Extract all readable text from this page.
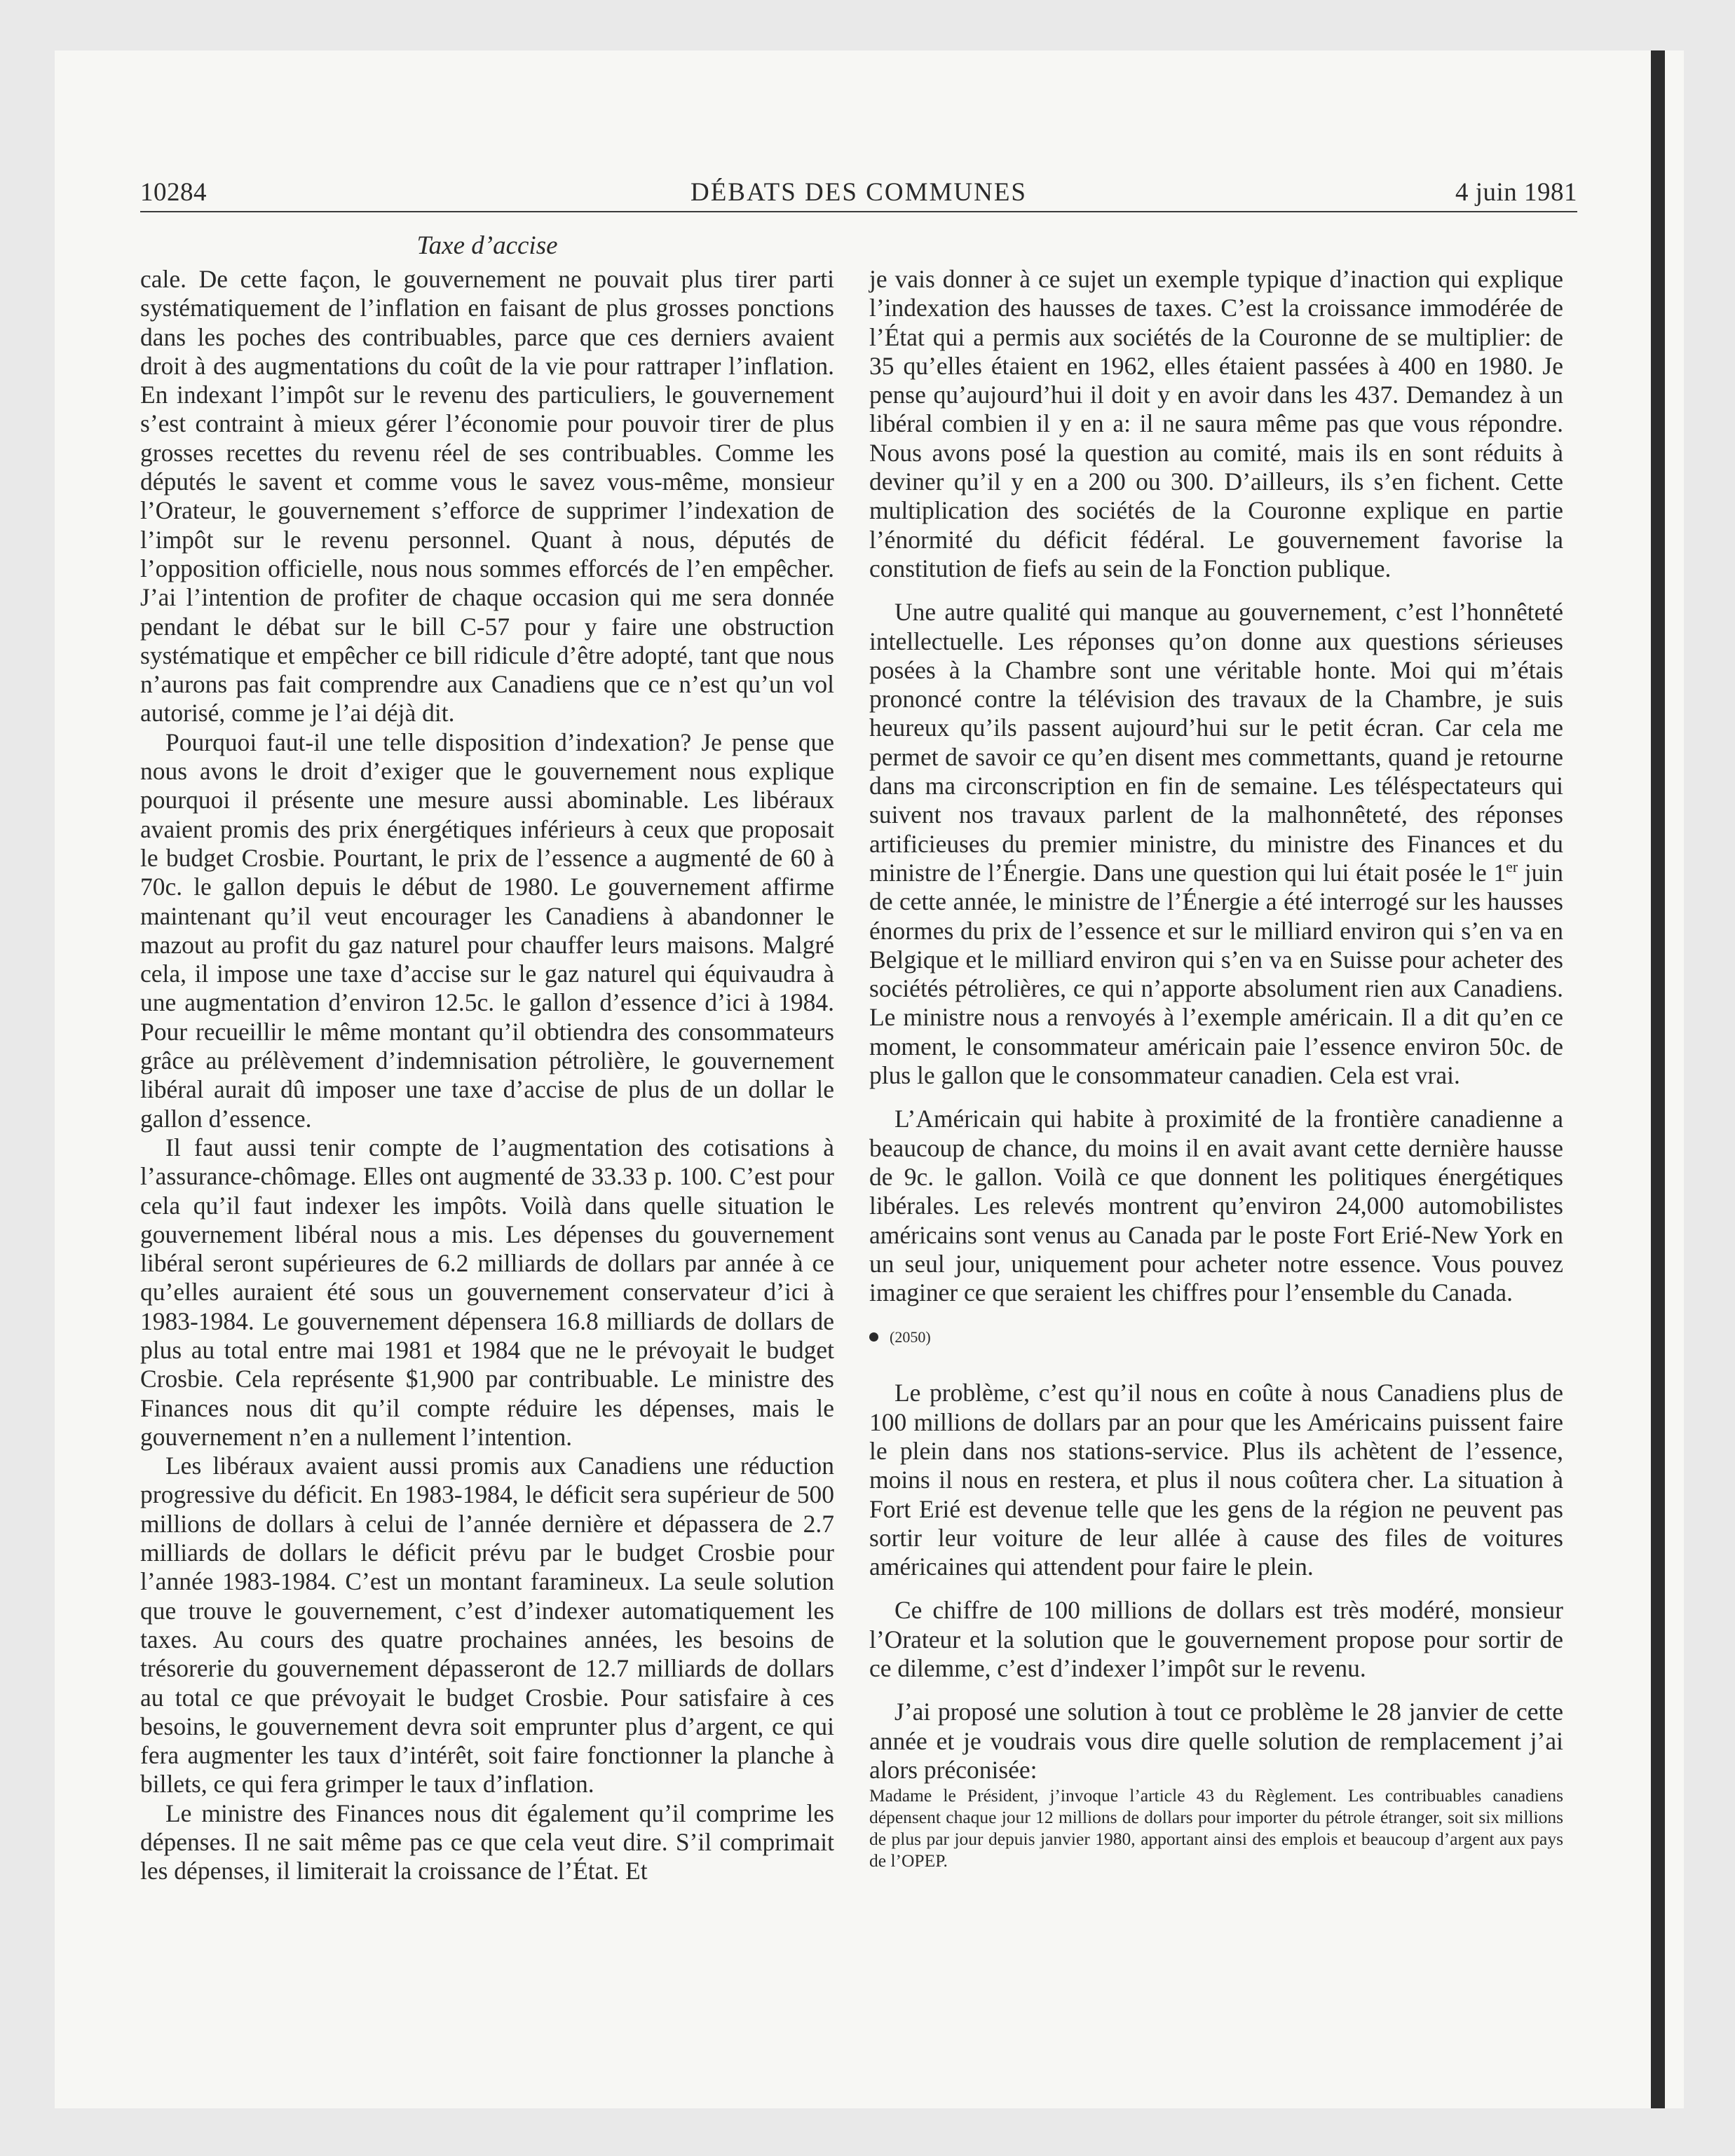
10284	DÉBATS DES COMMUNES	4 juin 1981
Taxe d’accise

cale. De cette façon, le gouvernement ne pouvait plus tirer parti systématiquement de l’inflation en faisant de plus grosses ponctions dans les poches des contribuables, parce que ces derniers avaient droit à des augmentations du coût de la vie pour rattraper l’inflation. En indexant l’impôt sur le revenu des particuliers, le gouvernement s’est contraint à mieux gérer l’économie pour pouvoir tirer de plus grosses recettes du revenu réel de ses contribuables. Comme les députés le savent et comme vous le savez vous-même, monsieur l’Orateur, le gouvernement s’efforce de supprimer l’indexation de l’impôt sur le revenu personnel. Quant à nous, députés de l’opposition officielle, nous nous sommes efforcés de l’en empêcher. J’ai l’intention de profiter de chaque occasion qui me sera donnée pendant le débat sur le bill C-57 pour y faire une obstruction systématique et empêcher ce bill ridicule d’être adopté, tant que nous n’aurons pas fait comprendre aux Canadiens que ce n’est qu’un vol autorisé, comme je l’ai déjà dit.

Pourquoi faut-il une telle disposition d’indexation? Je pense que nous avons le droit d’exiger que le gouvernement nous explique pourquoi il présente une mesure aussi abominable. Les libéraux avaient promis des prix énergétiques inférieurs à ceux que proposait le budget Crosbie. Pourtant, le prix de l’essence a augmenté de 60 à 70c. le gallon depuis le début de 1980. Le gouvernement affirme maintenant qu’il veut encourager les Canadiens à abandonner le mazout au profit du gaz naturel pour chauffer leurs maisons. Malgré cela, il impose une taxe d’accise sur le gaz naturel qui équivaudra à une augmentation d’environ 12.5c. le gallon d’essence d’ici à 1984. Pour recueillir le même montant qu’il obtiendra des consommateurs grâce au prélèvement d’indemnisation pétrolière, le gouvernement libéral aurait dû imposer une taxe d’accise de plus de un dollar le gallon d’essence.

Il faut aussi tenir compte de l’augmentation des cotisations à l’assurance-chômage. Elles ont augmenté de 33.33 p. 100. C’est pour cela qu’il faut indexer les impôts. Voilà dans quelle situation le gouvernement libéral nous a mis. Les dépenses du gouvernement libéral seront supérieures de 6.2 milliards de dollars par année à ce qu’elles auraient été sous un gouvernement conservateur d’ici à 1983-1984. Le gouvernement dépensera 16.8 milliards de dollars de plus au total entre mai 1981 et 1984 que ne le prévoyait le budget Crosbie. Cela représente $1,900 par contribuable. Le ministre des Finances nous dit qu’il compte réduire les dépenses, mais le gouvernement n’en a nullement l’intention.

Les libéraux avaient aussi promis aux Canadiens une réduction progressive du déficit. En 1983-1984, le déficit sera supérieur de 500 millions de dollars à celui de l’année dernière et dépassera de 2.7 milliards de dollars le déficit prévu par le budget Crosbie pour l’année 1983-1984. C’est un montant faramineux. La seule solution que trouve le gouvernement, c’est d’indexer automatiquement les taxes. Au cours des quatre prochaines années, les besoins de trésorerie du gouvernement dépasseront de 12.7 milliards de dollars au total ce que prévoyait le budget Crosbie. Pour satisfaire à ces besoins, le gouvernement devra soit emprunter plus d’argent, ce qui fera augmenter les taux d’intérêt, soit faire fonctionner la planche à billets, ce qui fera grimper le taux d’inflation.

Le ministre des Finances nous dit également qu’il comprime les dépenses. Il ne sait même pas ce que cela veut dire. S’il comprimait les dépenses, il limiterait la croissance de l’État. Et

je vais donner à ce sujet un exemple typique d’inaction qui explique l’indexation des hausses de taxes. C’est la croissance immodérée de l’État qui a permis aux sociétés de la Couronne de se multiplier: de 35 qu’elles étaient en 1962, elles étaient passées à 400 en 1980. Je pense qu’aujourd’hui il doit y en avoir dans les 437. Demandez à un libéral combien il y en a: il ne saura même pas que vous répondre. Nous avons posé la question au comité, mais ils en sont réduits à deviner qu’il y en a 200 ou 300. D’ailleurs, ils s’en fichent. Cette multiplication des sociétés de la Couronne explique en partie l’énormité du déficit fédéral. Le gouvernement favorise la constitution de fiefs au sein de la Fonction publique.

Une autre qualité qui manque au gouvernement, c’est l’honnêteté intellectuelle. Les réponses qu’on donne aux questions sérieuses posées à la Chambre sont une véritable honte. Moi qui m’étais prononcé contre la télévision des travaux de la Chambre, je suis heureux qu’ils passent aujourd’hui sur le petit écran. Car cela me permet de savoir ce qu’en disent mes commettants, quand je retourne dans ma circonscription en fin de semaine. Les téléspectateurs qui suivent nos travaux parlent de la malhonnêteté, des réponses artificieuses du premier ministre, du ministre des Finances et du ministre de l’Énergie. Dans une question qui lui était posée le 1er juin de cette année, le ministre de l’Énergie a été interrogé sur les hausses énormes du prix de l’essence et sur le milliard environ qui s’en va en Belgique et le milliard environ qui s’en va en Suisse pour acheter des sociétés pétrolières, ce qui n’apporte absolument rien aux Canadiens. Le ministre nous a renvoyés à l’exemple américain. Il a dit qu’en ce moment, le consommateur américain paie l’essence environ 50c. de plus le gallon que le consommateur canadien. Cela est vrai.

L’Américain qui habite à proximité de la frontière canadienne a beaucoup de chance, du moins il en avait avant cette dernière hausse de 9c. le gallon. Voilà ce que donnent les politiques énergétiques libérales. Les relevés montrent qu’environ 24,000 automobilistes américains sont venus au Canada par le poste Fort Erié-New York en un seul jour, uniquement pour acheter notre essence. Vous pouvez imaginer ce que seraient les chiffres pour l’ensemble du Canada.

(2050)

Le problème, c’est qu’il nous en coûte à nous Canadiens plus de 100 millions de dollars par an pour que les Américains puissent faire le plein dans nos stations-service. Plus ils achètent de l’essence, moins il nous en restera, et plus il nous coûtera cher. La situation à Fort Erié est devenue telle que les gens de la région ne peuvent pas sortir leur voiture de leur allée à cause des files de voitures américaines qui attendent pour faire le plein.

Ce chiffre de 100 millions de dollars est très modéré, monsieur l’Orateur et la solution que le gouvernement propose pour sortir de ce dilemme, c’est d’indexer l’impôt sur le revenu.

J’ai proposé une solution à tout ce problème le 28 janvier de cette année et je voudrais vous dire quelle solution de remplacement j’ai alors préconisée:

Madame le Président, j’invoque l’article 43 du Règlement. Les contribuables canadiens dépensent chaque jour 12 millions de dollars pour importer du pétrole étranger, soit six millions de plus par jour depuis janvier 1980, apportant ainsi des emplois et beaucoup d’argent aux pays de l’OPEP.
